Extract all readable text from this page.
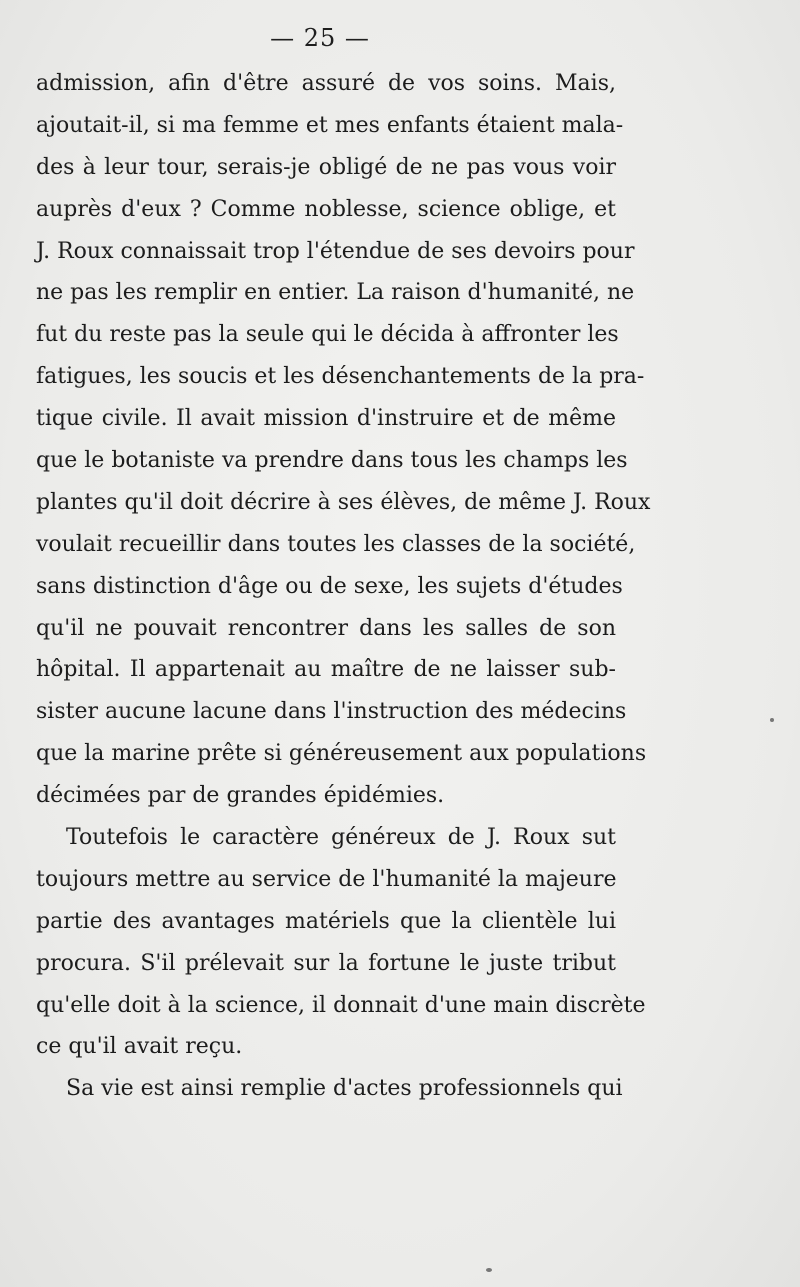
— 25 —
admission, afin d'être assuré de vos soins. Mais,
ajoutait-il, si ma femme et mes enfants étaient mala-
des à leur tour, serais-je obligé de ne pas vous voir
auprès d'eux ? Comme noblesse, science oblige, et
J. Roux connaissait trop l'étendue de ses devoirs pour
ne pas les remplir en entier. La raison d'humanité, ne
fut du reste pas la seule qui le décida à affronter les
fatigues, les soucis et les désenchantements de la pra-
tique civile. Il avait mission d'instruire et de même
que le botaniste va prendre dans tous les champs les
plantes qu'il doit décrire à ses élèves, de même J. Roux
voulait recueillir dans toutes les classes de la société,
sans distinction d'âge ou de sexe, les sujets d'études
qu'il ne pouvait rencontrer dans les salles de son
hôpital. Il appartenait au maître de ne laisser sub-
sister aucune lacune dans l'instruction des médecins
que la marine prête si généreusement aux populations
décimées par de grandes épidémies.
Toutefois le caractère généreux de J. Roux sut
toujours mettre au service de l'humanité la majeure
partie des avantages matériels que la clientèle lui
procura. S'il prélevait sur la fortune le juste tribut
qu'elle doit à la science, il donnait d'une main discrète
ce qu'il avait reçu.
Sa vie est ainsi remplie d'actes professionnels qui
